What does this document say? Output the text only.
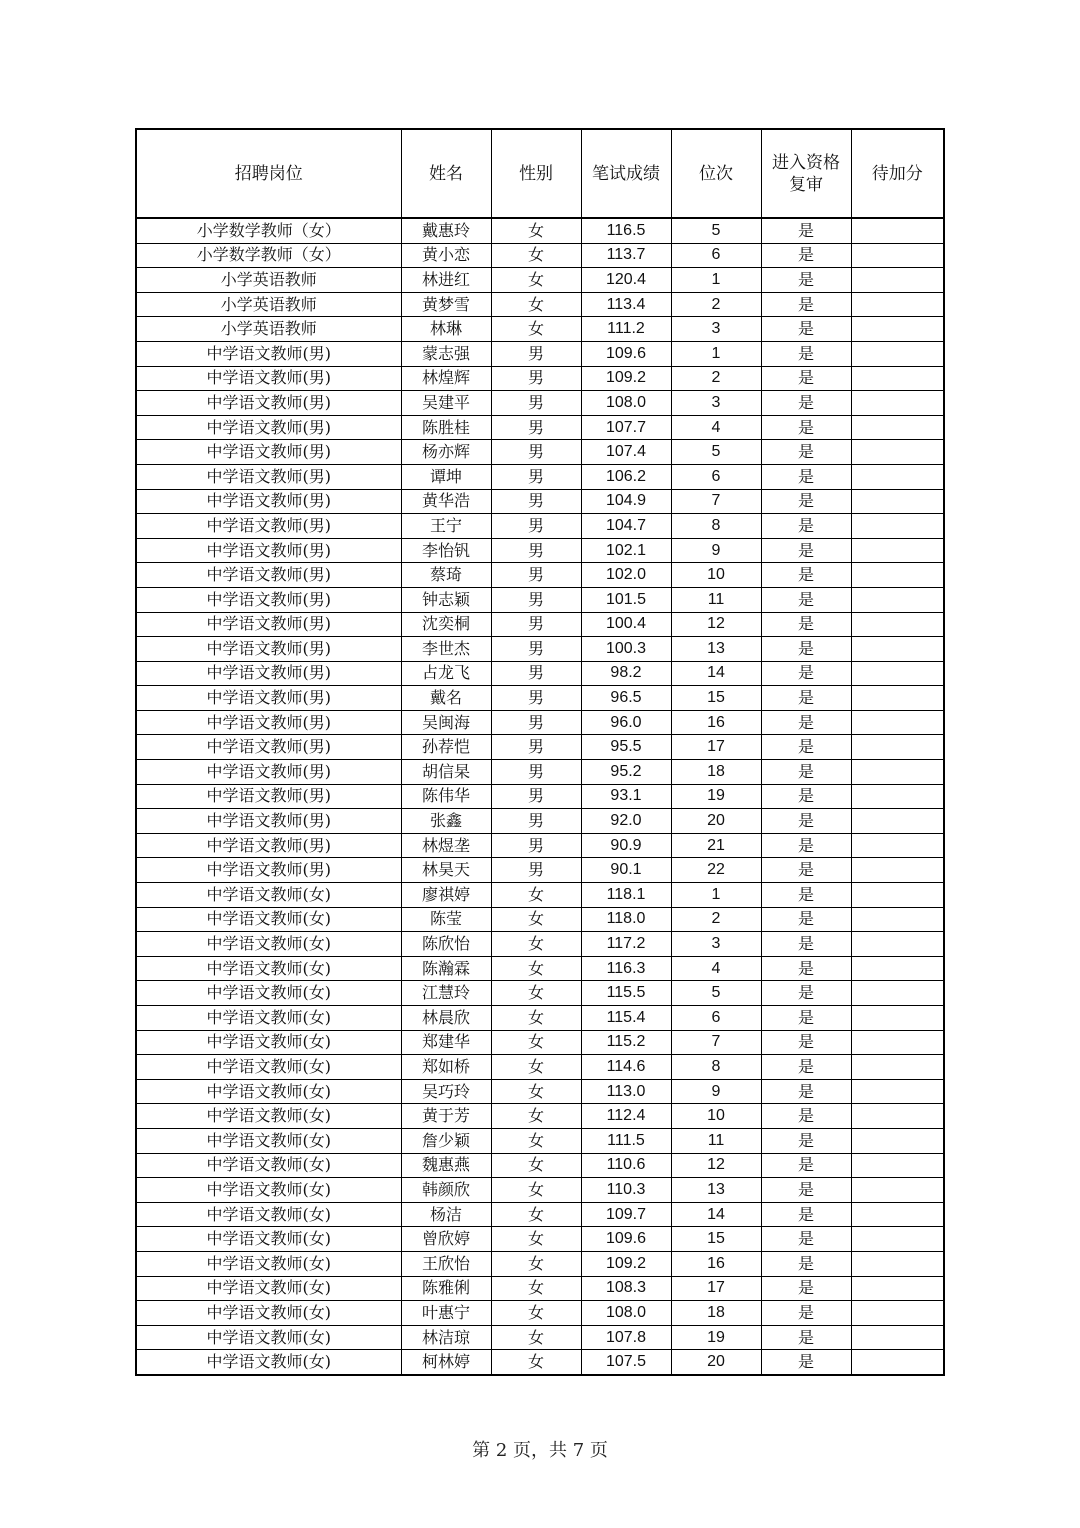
招聘岗位	姓名	性别	笔试成绩	位次	进入资格复审	待加分
小学数学教师（女）	戴惠玲	女	116.5	5	是	
小学数学教师（女）	黄小恋	女	113.7	6	是	
小学英语教师	林进红	女	120.4	1	是	
小学英语教师	黄梦雪	女	113.4	2	是	
小学英语教师	林琳	女	111.2	3	是	
中学语文教师(男)	蒙志强	男	109.6	1	是	
中学语文教师(男)	林煌辉	男	109.2	2	是	
中学语文教师(男)	吴建平	男	108.0	3	是	
中学语文教师(男)	陈胜桂	男	107.7	4	是	
中学语文教师(男)	杨亦辉	男	107.4	5	是	
中学语文教师(男)	谭坤	男	106.2	6	是	
中学语文教师(男)	黄华浩	男	104.9	7	是	
中学语文教师(男)	王宁	男	104.7	8	是	
中学语文教师(男)	李怡钒	男	102.1	9	是	
中学语文教师(男)	蔡琦	男	102.0	10	是	
中学语文教师(男)	钟志颖	男	101.5	11	是	
中学语文教师(男)	沈奕桐	男	100.4	12	是	
中学语文教师(男)	李世杰	男	100.3	13	是	
中学语文教师(男)	占龙飞	男	98.2	14	是	
中学语文教师(男)	戴名	男	96.5	15	是	
中学语文教师(男)	吴闽海	男	96.0	16	是	
中学语文教师(男)	孙荐恺	男	95.5	17	是	
中学语文教师(男)	胡信杲	男	95.2	18	是	
中学语文教师(男)	陈伟华	男	93.1	19	是	
中学语文教师(男)	张鑫	男	92.0	20	是	
中学语文教师(男)	林煜垄	男	90.9	21	是	
中学语文教师(男)	林昊天	男	90.1	22	是	
中学语文教师(女)	廖祺婷	女	118.1	1	是	
中学语文教师(女)	陈莹	女	118.0	2	是	
中学语文教师(女)	陈欣怡	女	117.2	3	是	
中学语文教师(女)	陈瀚霖	女	116.3	4	是	
中学语文教师(女)	江慧玲	女	115.5	5	是	
中学语文教师(女)	林晨欣	女	115.4	6	是	
中学语文教师(女)	郑建华	女	115.2	7	是	
中学语文教师(女)	郑如桥	女	114.6	8	是	
中学语文教师(女)	吴巧玲	女	113.0	9	是	
中学语文教师(女)	黄于芳	女	112.4	10	是	
中学语文教师(女)	詹少颖	女	111.5	11	是	
中学语文教师(女)	魏惠燕	女	110.6	12	是	
中学语文教师(女)	韩颜欣	女	110.3	13	是	
中学语文教师(女)	杨洁	女	109.7	14	是	
中学语文教师(女)	曾欣婷	女	109.6	15	是	
中学语文教师(女)	王欣怡	女	109.2	16	是	
中学语文教师(女)	陈雅俐	女	108.3	17	是	
中学语文教师(女)	叶惠宁	女	108.0	18	是	
中学语文教师(女)	林洁琼	女	107.8	19	是	
中学语文教师(女)	柯林婷	女	107.5	20	是	
第 2 页，共 7 页
